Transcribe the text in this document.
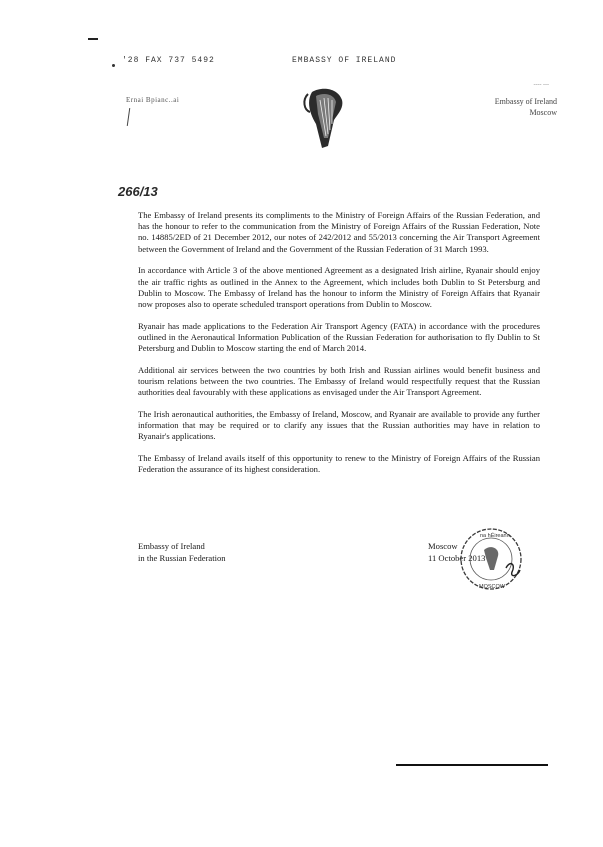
'28 FAX 737 5492	EMBASSY OF IRELAND
Ernai Bpianc..ai
---- ---
Embassy of Ireland
Moscow
266/13

The Embassy of Ireland presents its compliments to the Ministry of Foreign Affairs of the Russian Federation, and has the honour to refer to the communication from the Ministry of Foreign Affairs of the Russian Federation, Note no. 14885/2ED of 21 December 2012, our notes of 242/2012 and 55/2013 concerning the Air Transport Agreement between the Government of Ireland and the Government of the Russian Federation of 31 March 1993.

In accordance with Article 3 of the above mentioned Agreement as a designated Irish airline, Ryanair should enjoy the air traffic rights as outlined in the Annex to the Agreement, which includes both Dublin to St Petersburg and Dublin to Moscow. The Embassy of Ireland has the honour to inform the Ministry of Foreign Affairs that Ryanair now proposes also to operate scheduled transport operations from Dublin to Moscow.

Ryanair has made applications to the Federation Air Transport Agency (FATA) in accordance with the procedures outlined in the Aeronautical Information Publication of the Russian Federation for authorisation to fly Dublin to St Petersburg and Dublin to Moscow starting the end of March 2014.

Additional air services between the two countries by both Irish and Russian airlines would benefit business and tourism relations between the two countries. The Embassy of Ireland would respectfully request that the Russian authorities deal favourably with these applications as envisaged under the Air Transport Agreement.

The Irish aeronautical authorities, the Embassy of Ireland, Moscow, and Ryanair are available to provide any further information that may be required or to clarify any issues that the Russian authorities may have in relation to Ryanair's applications.

The Embassy of Ireland avails itself of this opportunity to renew to the Ministry of Foreign Affairs of the Russian Federation the assurance of its highest consideration.

Embassy of Ireland
in the Russian Federation
Moscow
11 October 2013
na hÉireann
MOSCOW
